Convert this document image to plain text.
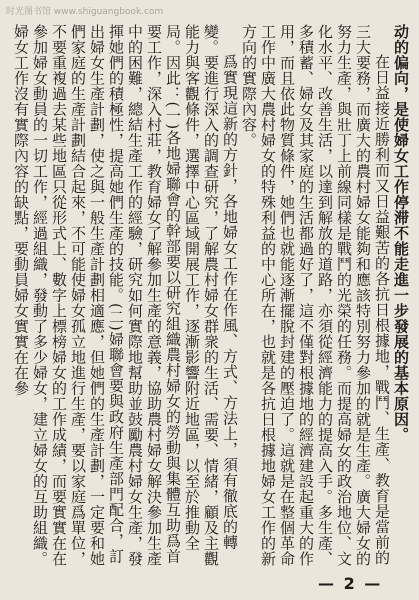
时光图书馆 www.shiguangbook.com

动的偏向，是使婦女工作停滞不能走進一步發展的基本原因。

在日益接近勝利而又日益艱苦的各抗日根據地，戰鬥、生產、教育是當前的三大要務，而廣大的農村婦女能夠和應該特別努力參加的就是生產。廣大婦女的努力生產，與壯丁上前線同樣是戰鬥的光榮的任務。而提高婦女的政治地位、文化水平、改善生活，以達到解放的道路，亦須從經濟能力的提高入手。多生產、多積蓄、婦女及其家庭的生活都過好了，這不僅對根據地的經濟建設起重大的作用，而且依此物質條件，她們也就能逐漸擺脫封建的壓迫了。這就是在整個革命工作中廣大農村婦女的特殊利益的中心所在，也就是各抗日根據地婦女工作的新方向的實際內容。

爲實現這新的方針，各地婦女工作在作風、方式、方法上，須有徹底的轉變。要進行深入的調查研究，了解農村婦女群衆的生活、需要、情緒，顧及主觀能力與客觀條件，選擇中心區域開展工作，逐漸影響附近地區，以至於推動全局。因此：(一)各地婦聯會的幹部要以研究組織農村婦女的勞動與集體互助爲首要工作，深入村莊，教育婦女了解參加生產的意義，協助農村婦女解決參加生產中的困難，總結生產工作的經驗，研究如何實際地幫助並鼓勵農村婦女生產，發揮她們的積極性，提高她們生產的技能。(二)婦聯會要與政府生產部門配合，訂出婦女生產計劃，使之與一般生產計劃相適應，但她們的生產計劃，一定要和她們家庭的生產計劃結合起來，不可能使婦女孤立地進行生產，要以家庭爲單位，不要重複過去某些地區只從形式上、數字上標榜婦女的工作成績，而要實實在在參加婦女動員的一切工作，經過組織，發動了多少婦女，建立婦女的互助組織。婦女工作沒有實際內容的缺點，要動員婦女實實在在參

— 2 —
